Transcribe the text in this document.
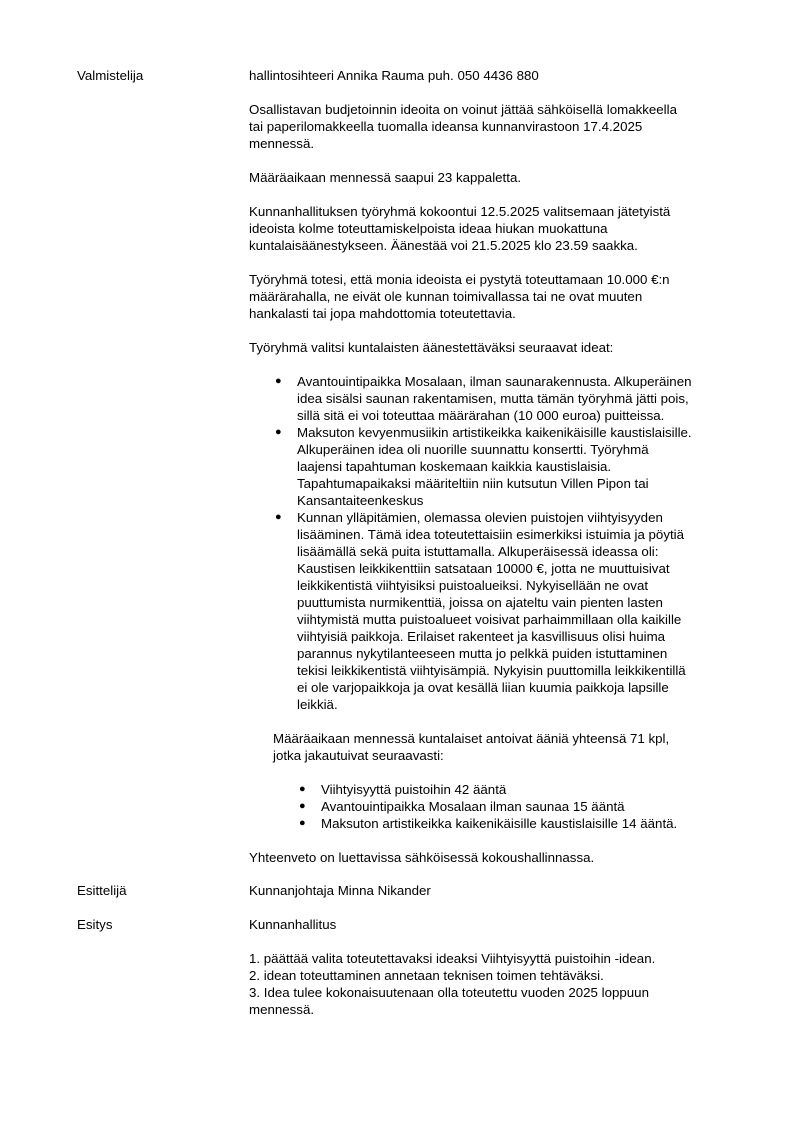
Valmistelija	hallintosihteeri Annika Rauma puh. 050 4436 880

Osallistavan budjetoinnin ideoita on voinut jättää sähköisellä lomakkeella

tai paperilomakkeella tuomalla ideansa kunnanvirastoon 17.4.2025

mennessä.

Määräaikaan mennessä saapui 23 kappaletta.

Kunnanhallituksen työryhmä kokoontui 12.5.2025 valitsemaan jätetyistä

ideoista kolme toteuttamiskelpoista ideaa hiukan muokattuna

kuntalaisäänestykseen. Äänestää voi 21.5.2025 klo 23.59 saakka.

Työryhmä totesi, että monia ideoista ei pystytä toteuttamaan 10.000 €:n

määrärahalla, ne eivät ole kunnan toimivallassa tai ne ovat muuten

hankalasti tai jopa mahdottomia toteutettavia.

Työryhmä valitsi kuntalaisten äänestettäväksi seuraavat ideat:

● Avantouintipaikka Mosalaan, ilman saunarakennusta. Alkuperäinen

idea sisälsi saunan rakentamisen, mutta tämän työryhmä jätti pois,

sillä sitä ei voi toteuttaa määrärahan (10 000 euroa) puitteissa.

● Maksuton kevyenmusiikin artistikeikka kaikenikäisille kaustislaisille.

Alkuperäinen idea oli nuorille suunnattu konsertti. Työryhmä

laajensi tapahtuman koskemaan kaikkia kaustislaisia.

Tapahtumapaikaksi määriteltiin niin kutsutun Villen Pipon tai

Kansantaiteenkeskus

● Kunnan ylläpitämien, olemassa olevien puistojen viihtyisyyden

lisääminen. Tämä idea toteutettaisiin esimerkiksi istuimia ja pöytiä

lisäämällä sekä puita istuttamalla. Alkuperäisessä ideassa oli:

Kaustisen leikkikenttiin satsataan 10000 €, jotta ne muuttuisivat

leikkikentistä viihtyisiksi puistoalueiksi. Nykyisellään ne ovat

puuttumista nurmikenttiä, joissa on ajateltu vain pienten lasten

viihtymistä mutta puistoalueet voisivat parhaimmillaan olla kaikille

viihtyisiä paikkoja. Erilaiset rakenteet ja kasvillisuus olisi huima

parannus nykytilanteeseen mutta jo pelkkä puiden istuttaminen

tekisi leikkikentistä viihtyisämpiä. Nykyisin puuttomilla leikkikentillä

ei ole varjopaikkoja ja ovat kesällä liian kuumia paikkoja lapsille

leikkiä.

Määräaikaan mennessä kuntalaiset antoivat ääniä yhteensä 71 kpl,

jotka jakautuivat seuraavasti:

● Viihtyisyyttä puistoihin 42 ääntä

● Avantouintipaikka Mosalaan ilman saunaa 15 ääntä

● Maksuton artistikeikka kaikenikäisille kaustislaisille 14 ääntä.

Yhteenveto on luettavissa sähköisessä kokoushallinnassa.

Esittelijä	Kunnanjohtaja Minna Nikander

Esitys	Kunnanhallitus

1. päättää valita toteutettavaksi ideaksi Viihtyisyyttä puistoihin -idean.

2. idean toteuttaminen annetaan teknisen toimen tehtäväksi.

3. Idea tulee kokonaisuutenaan olla toteutettu vuoden 2025 loppuun

mennessä.
